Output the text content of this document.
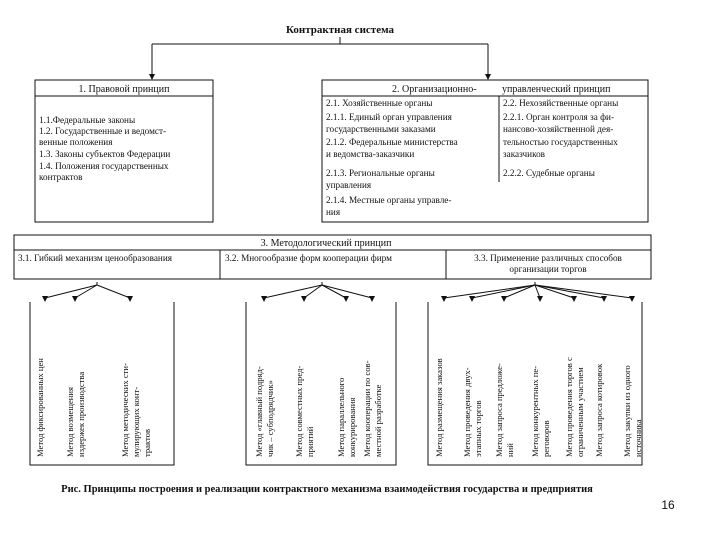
Контрактная система
1. Правовой принцип
1.1.Федеральные законы
1.2. Государственные и ведомст-
венные положения
1.3. Законы субъектов Федерации
1.4. Положения государственных
контрактов
2. Организационно-	управленческий принцип
2.1. Хозяйственные органы
2.1.1. Единый орган управления
государственными заказами
2.1.2. Федеральные министерства
и ведомства-заказчики
2.1.3. Региональные органы
управления
2.1.4. Местные органы управле-
ния
2.2. Нехозяйственные органы
2.2.1. Орган контроля за фи-
нансово-хозяйственной дея-
тельностью государственных
заказчиков
2.2.2. Судебные органы
3. Методологический принцип
3.1. Гибкий механизм ценообразования	3.2. Многообразие форм кооперации фирм	3.3. Применение различных способов
организации торгов
Метод фиксированных цен Метод возмещения издержек производства	Метод методических сти- мулирующих конт- трактов	Метод «главный подряд- чик – субподрядчик» Метод совместных пред- приятий Метод параллельного конкурирования Метод кооперации по сов- местной разработке	Метод размещения заказов Метод проведения двух- этапных торгов Метод запроса предложе- ний Метод конкурентных пе- реговоров Метод проведения торгов с ограниченным участием Метод запроса котировок Метод закупки из одного источника
Рис. Принципы построения и реализации контрактного механизма взаимодействия государства и предприятия
16
